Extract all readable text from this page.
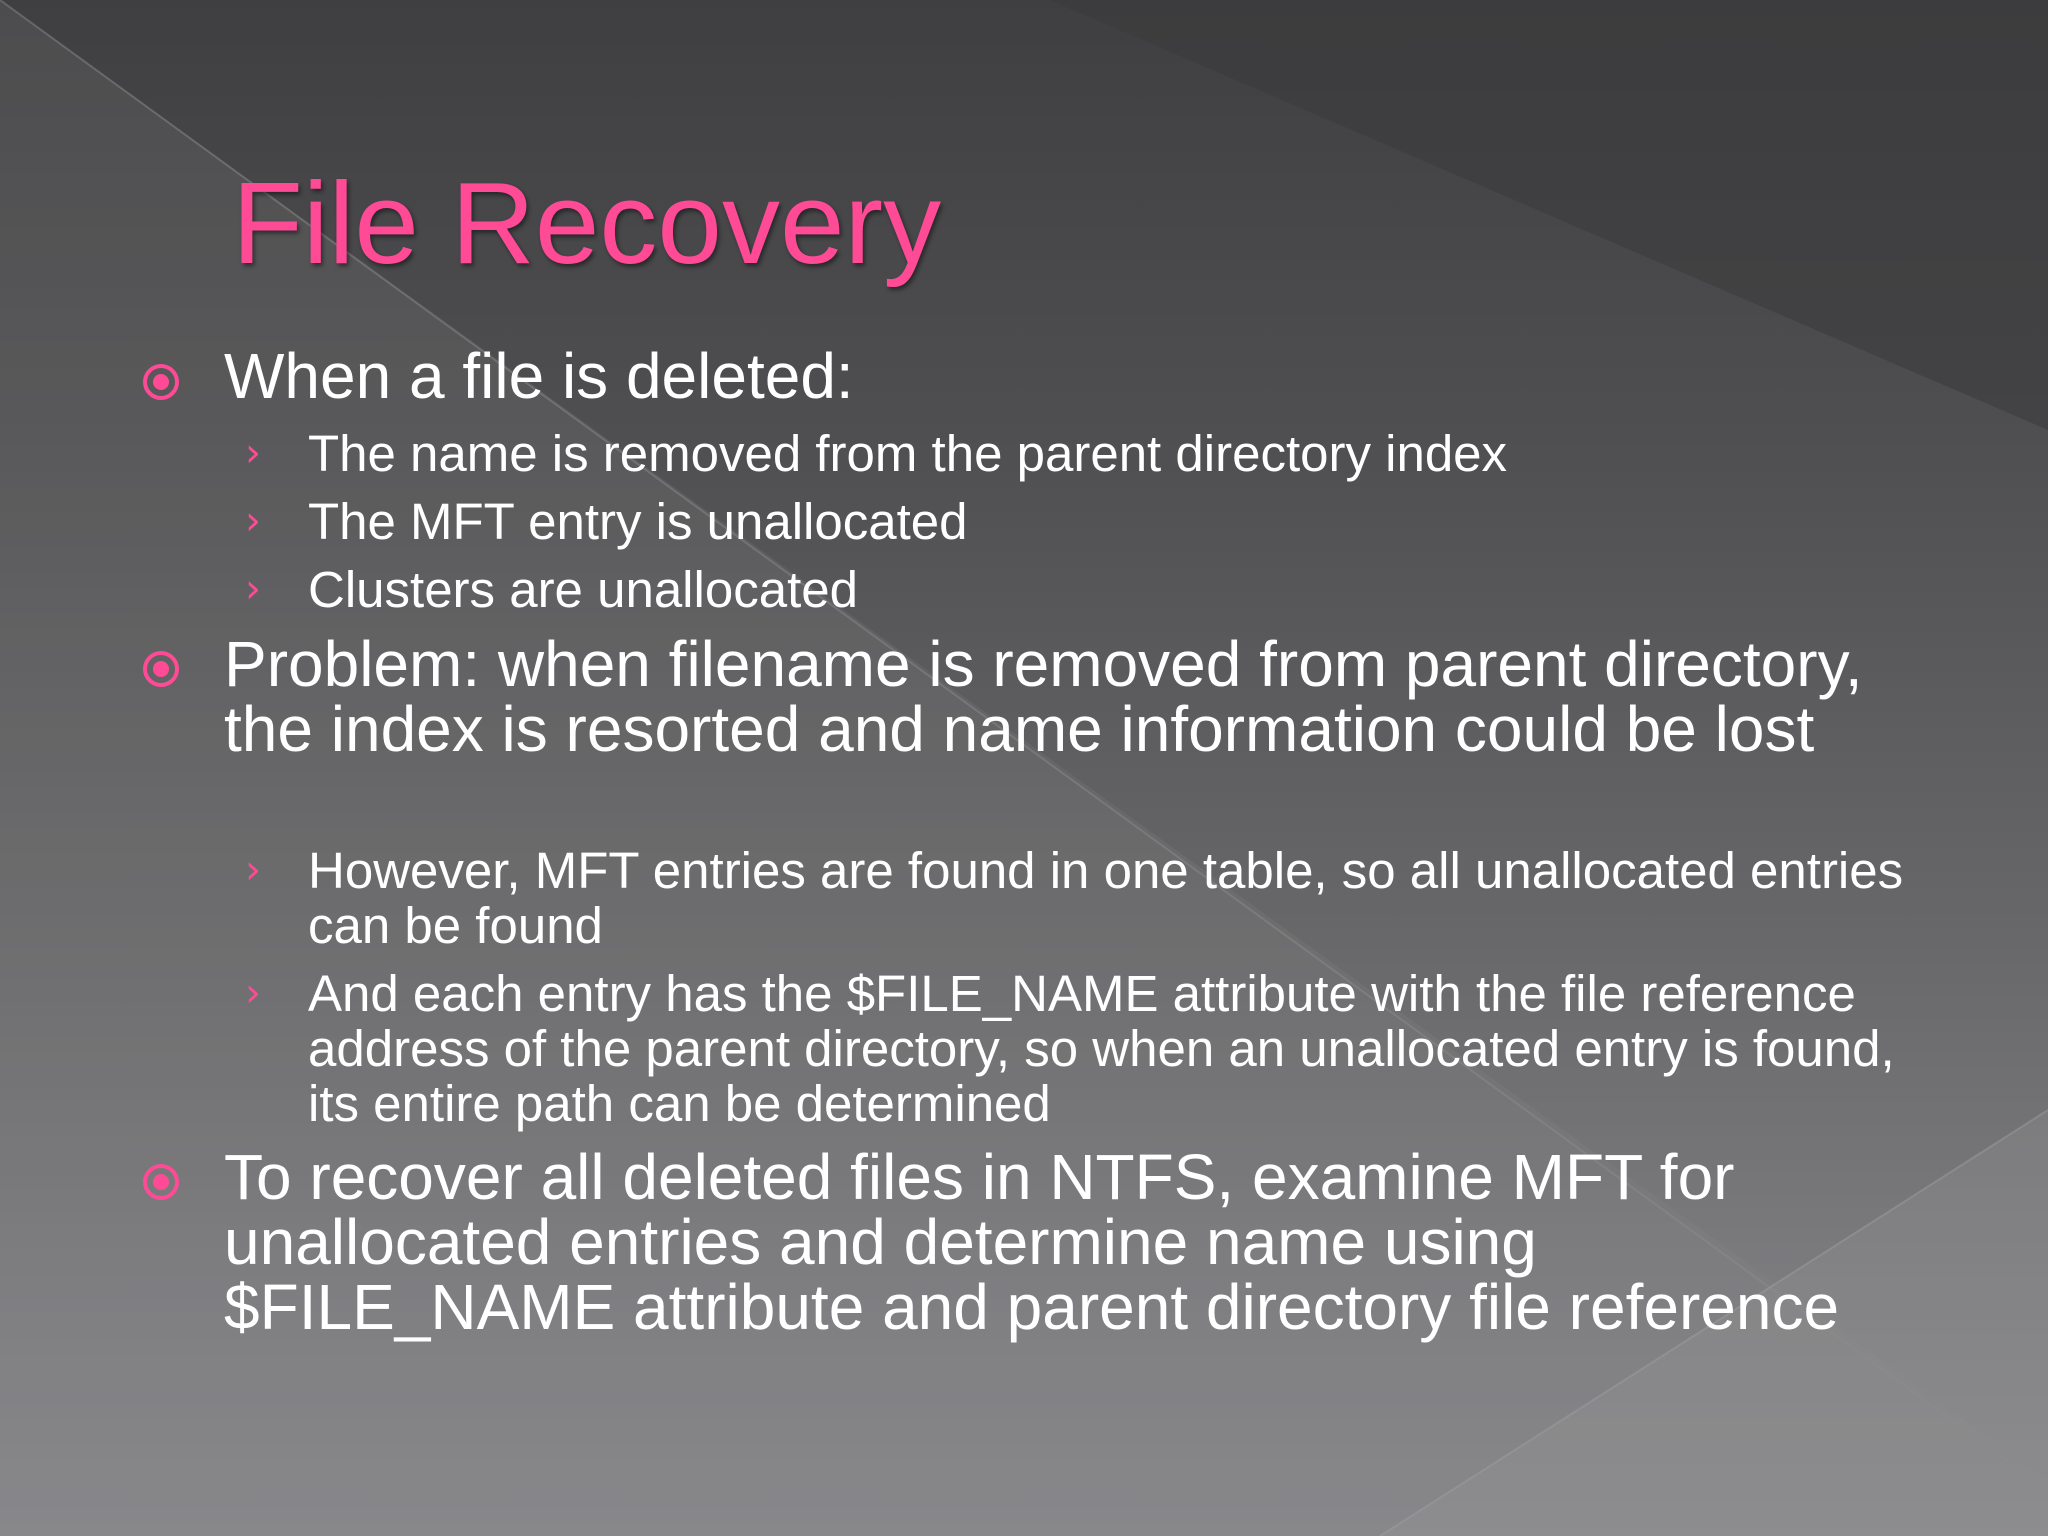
File Recovery
When a file is deleted:
› The name is removed from the parent directory index
› The MFT entry is unallocated
› Clusters are unallocated
Problem: when filename is removed from parent directory, the index is resorted and name information could be lost
› However, MFT entries are found in one table, so all unallocated entries can be found
› And each entry has the $FILE_NAME attribute with the file reference address of the parent directory, so when an unallocated entry is found, its entire path can be determined
To recover all deleted files in NTFS, examine MFT for unallocated entries and determine name using $FILE_NAME attribute and parent directory file reference
